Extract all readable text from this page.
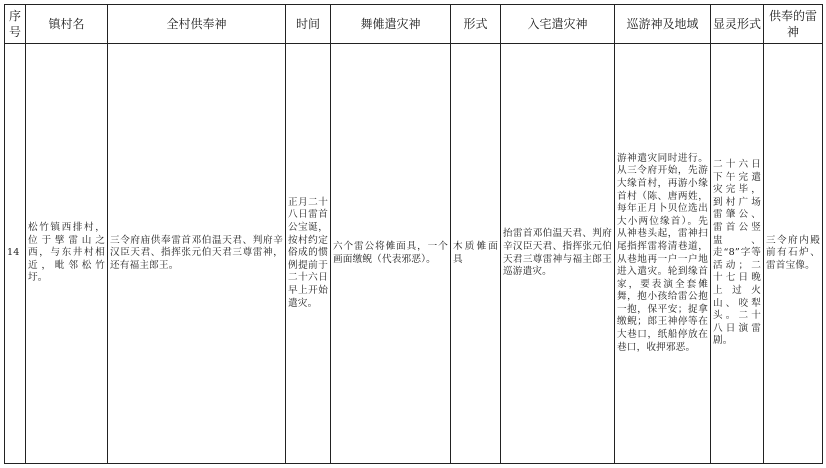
序号	镇村名	全村供奉神	时间	舞傩遣灾神	形式	入宅遣灾神	巡游神及地域	显灵形式	供奉的雷神
14	松竹镇西排村，位于擘雷山之西，与东井村相近，毗邻松竹圩。	三令府庙供奉雷首邓伯温天君、判府辛汉臣天君、指挥张元伯天君三尊雷神，还有福主郎王。	正月二十八日雷首公宝诞，按村约定俗成的惯例提前于二十六日早上开始遣灾。	六个雷公将傩面具，一个画面缴鲵（代表邪恶）。	木质傩面具	抬雷首邓伯温天君、判府辛汉臣天君、指挥张元伯天君三尊雷神与福主郎王巡游遣灾。	游神遣灾同时进行。从三令府开始，先游大缘首村，再游小缘首村（陈、唐两姓，每年正月卜贝位选出大小两位缘首）。先从神巷头起，雷神扫尾指挥雷将清巷道，从巷地再一户一户地进入遣灾。轮到缘首家，要表演全套傩舞，抱小孩给雷公抱一抱，保平安；捉拿缴鲵；郎王神停等在大巷口，纸船停放在巷口，收押邪恶。	二十六日下午完遣灾完毕，到村广场雷肇公、雷首公竖盅、走“8”字等活动；二十七日晚上过火山、咬犁头。二十八日演雷剧。	三令府内殿前有石炉、雷首宝像。
